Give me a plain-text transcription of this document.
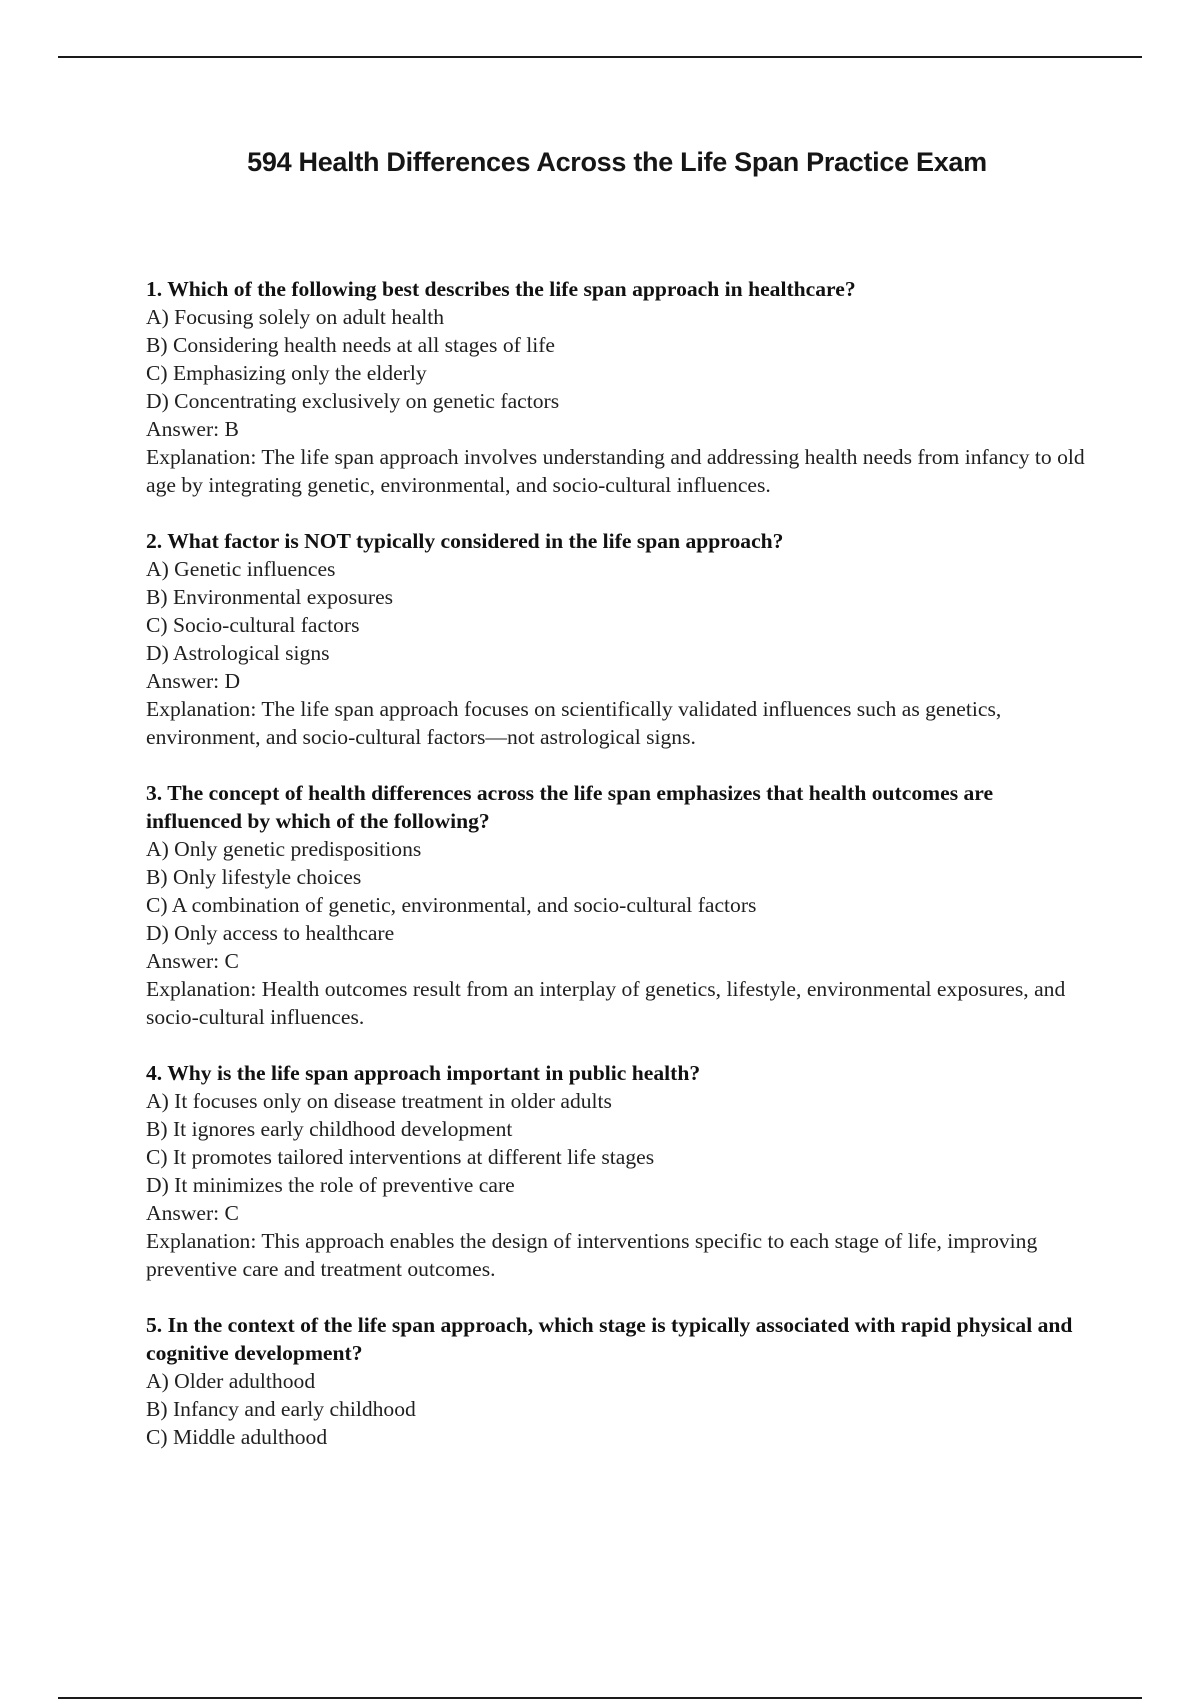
594 Health Differences Across the Life Span Practice Exam
1. Which of the following best describes the life span approach in healthcare?
A) Focusing solely on adult health
B) Considering health needs at all stages of life
C) Emphasizing only the elderly
D) Concentrating exclusively on genetic factors
Answer: B
Explanation: The life span approach involves understanding and addressing health needs from infancy to old age by integrating genetic, environmental, and socio-cultural influences.
2. What factor is NOT typically considered in the life span approach?
A) Genetic influences
B) Environmental exposures
C) Socio-cultural factors
D) Astrological signs
Answer: D
Explanation: The life span approach focuses on scientifically validated influences such as genetics, environment, and socio-cultural factors—not astrological signs.
3. The concept of health differences across the life span emphasizes that health outcomes are influenced by which of the following?
A) Only genetic predispositions
B) Only lifestyle choices
C) A combination of genetic, environmental, and socio-cultural factors
D) Only access to healthcare
Answer: C
Explanation: Health outcomes result from an interplay of genetics, lifestyle, environmental exposures, and socio-cultural influences.
4. Why is the life span approach important in public health?
A) It focuses only on disease treatment in older adults
B) It ignores early childhood development
C) It promotes tailored interventions at different life stages
D) It minimizes the role of preventive care
Answer: C
Explanation: This approach enables the design of interventions specific to each stage of life, improving preventive care and treatment outcomes.
5. In the context of the life span approach, which stage is typically associated with rapid physical and cognitive development?
A) Older adulthood
B) Infancy and early childhood
C) Middle adulthood
